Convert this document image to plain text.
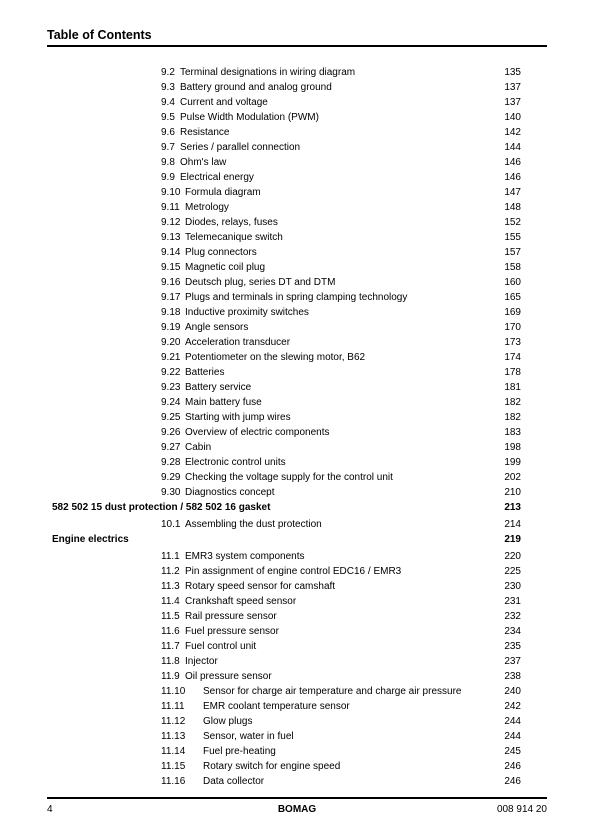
Table of Contents
9.2 Terminal designations in wiring diagram	135
9.3 Battery ground and analog ground	137
9.4 Current and voltage	137
9.5 Pulse Width Modulation (PWM)	140
9.6 Resistance	142
9.7 Series / parallel connection	144
9.8 Ohm's law	146
9.9 Electrical energy	146
9.10 Formula diagram	147
9.11 Metrology	148
9.12 Diodes, relays, fuses	152
9.13 Telemecanique switch	155
9.14 Plug connectors	157
9.15 Magnetic coil plug	158
9.16 Deutsch plug, series DT and DTM	160
9.17 Plugs and terminals in spring clamping technology	165
9.18 Inductive proximity switches	169
9.19 Angle sensors	170
9.20 Acceleration transducer	173
9.21 Potentiometer on the slewing motor, B62	174
9.22 Batteries	178
9.23 Battery service	181
9.24 Main battery fuse	182
9.25 Starting with jump wires	182
9.26 Overview of electric components	183
9.27 Cabin	198
9.28 Electronic control units	199
9.29 Checking the voltage supply for the control unit	202
9.30 Diagnostics concept	210
582 502 15 dust protection / 582 502 16 gasket	213
10.1 Assembling the dust protection	214
Engine electrics	219
11.1 EMR3 system components	220
11.2 Pin assignment of engine control EDC16 / EMR3	225
11.3 Rotary speed sensor for camshaft	230
11.4 Crankshaft speed sensor	231
11.5 Rail pressure sensor	232
11.6 Fuel pressure sensor	234
11.7 Fuel control unit	235
11.8 Injector	237
11.9 Oil pressure sensor	238
11.10 Sensor for charge air temperature and charge air pressure	240
11.11 EMR coolant temperature sensor	242
11.12 Glow plugs	244
11.13 Sensor, water in fuel	244
11.14 Fuel pre-heating	245
11.15 Rotary switch for engine speed	246
11.16 Data collector	246
4	BOMAG	008 914 20
